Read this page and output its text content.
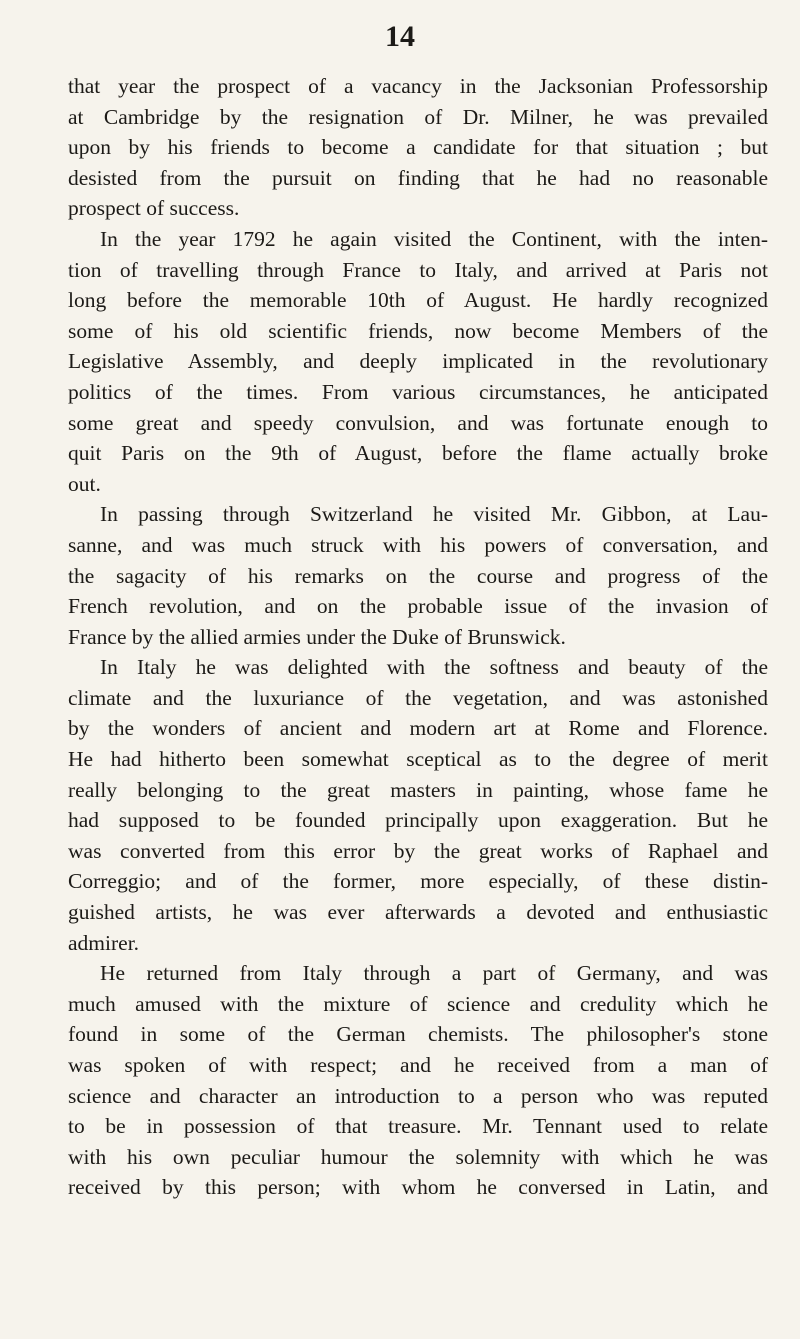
14
that year the prospect of a vacancy in the Jacksonian Professorship
at Cambridge by the resignation of Dr. Milner, he was prevailed
upon by his friends to become a candidate for that situation ; but
desisted from the pursuit on finding that he had no reasonable
prospect of success.
In the year 1792 he again visited the Continent, with the inten-
tion of travelling through France to Italy, and arrived at Paris not
long before the memorable 10th of August. He hardly recognized
some of his old scientific friends, now become Members of the
Legislative Assembly, and deeply implicated in the revolutionary
politics of the times. From various circumstances, he anticipated
some great and speedy convulsion, and was fortunate enough to
quit Paris on the 9th of August, before the flame actually broke
out.
In passing through Switzerland he visited Mr. Gibbon, at Lau-
sanne, and was much struck with his powers of conversation, and
the sagacity of his remarks on the course and progress of the
French revolution, and on the probable issue of the invasion of
France by the allied armies under the Duke of Brunswick.
In Italy he was delighted with the softness and beauty of the
climate and the luxuriance of the vegetation, and was astonished
by the wonders of ancient and modern art at Rome and Florence.
He had hitherto been somewhat sceptical as to the degree of merit
really belonging to the great masters in painting, whose fame he
had supposed to be founded principally upon exaggeration. But he
was converted from this error by the great works of Raphael and
Correggio; and of the former, more especially, of these distin-
guished artists, he was ever afterwards a devoted and enthusiastic
admirer.
He returned from Italy through a part of Germany, and was
much amused with the mixture of science and credulity which he
found in some of the German chemists. The philosopher's stone
was spoken of with respect; and he received from a man of
science and character an introduction to a person who was reputed
to be in possession of that treasure. Mr. Tennant used to relate
with his own peculiar humour the solemnity with which he was
received by this person; with whom he conversed in Latin, and
